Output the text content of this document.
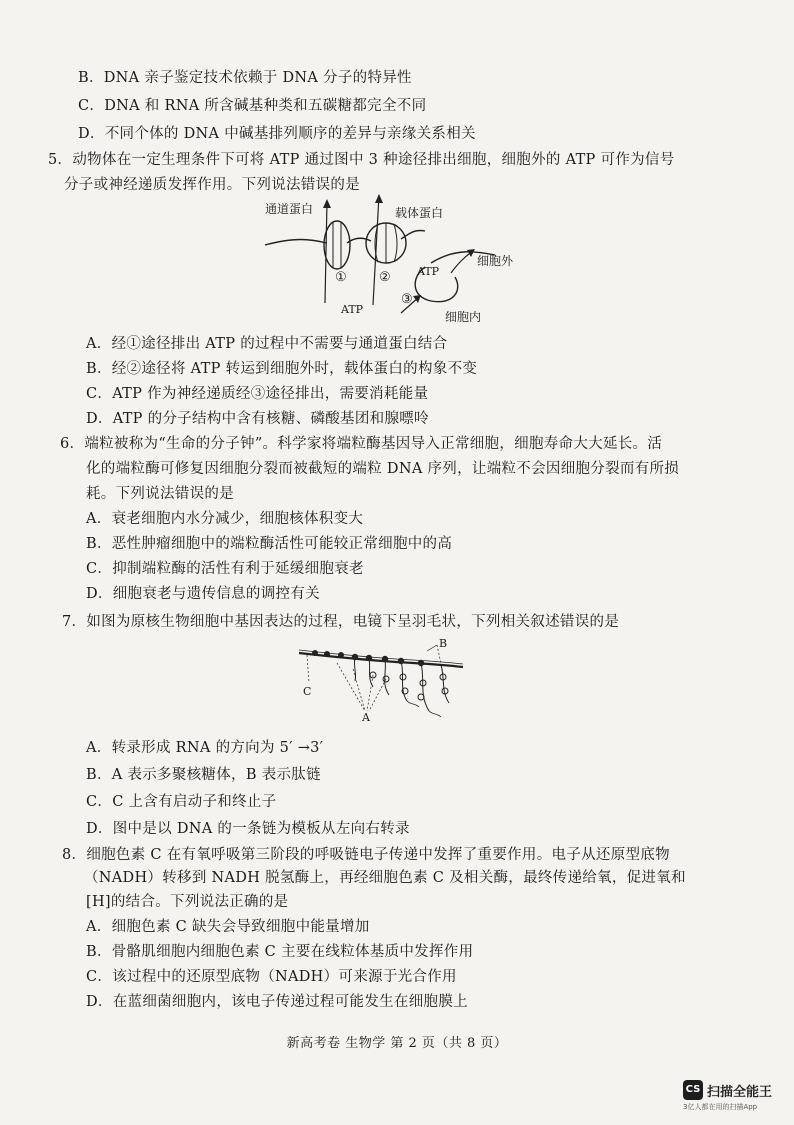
B．DNA 亲子鉴定技术依赖于 DNA 分子的特异性
C．DNA 和 RNA 所含碱基种类和五碳糖都完全不同
D．不同个体的 DNA 中碱基排列顺序的差异与亲缘关系相关
5．动物体在一定生理条件下可将 ATP 通过图中 3 种途径排出细胞，细胞外的 ATP 可作为信号
分子或神经递质发挥作用。下列说法错误的是
通道蛋白	载体蛋白
细胞外
细胞内
ATP
ATP
① ②
③
A．经①途径排出 ATP 的过程中不需要与通道蛋白结合
B．经②途径将 ATP 转运到细胞外时，载体蛋白的构象不变
C．ATP 作为神经递质经③途径排出，需要消耗能量
D．ATP 的分子结构中含有核糖、磷酸基团和腺嘌呤
6．端粒被称为“生命的分子钟”。科学家将端粒酶基因导入正常细胞，细胞寿命大大延长。活
化的端粒酶可修复因细胞分裂而被截短的端粒 DNA 序列，让端粒不会因细胞分裂而有所损
耗。下列说法错误的是
A．衰老细胞内水分减少，细胞核体积变大
B．恶性肿瘤细胞中的端粒酶活性可能较正常细胞中的高
C．抑制端粒酶的活性有利于延缓细胞衰老
D．细胞衰老与遗传信息的调控有关
7．如图为原核生物细胞中基因表达的过程，电镜下呈羽毛状，下列相关叙述错误的是
C
A
B
A．转录形成 RNA 的方向为 5′ →3′
B．A 表示多聚核糖体，B 表示肽链
C．C 上含有启动子和终止子
D．图中是以 DNA 的一条链为模板从左向右转录
8．细胞色素 C 在有氧呼吸第三阶段的呼吸链电子传递中发挥了重要作用。电子从还原型底物
（NADH）转移到 NADH 脱氢酶上，再经细胞色素 C 及相关酶，最终传递给氧，促进氧和
[H]的结合。下列说法正确的是
A．细胞色素 C 缺失会导致细胞中能量增加
B．骨骼肌细胞内细胞色素 C 主要在线粒体基质中发挥作用
C．该过程中的还原型底物（NADH）可来源于光合作用
D．在蓝细菌细胞内，该电子传递过程可能发生在细胞膜上
新高考卷 生物学 第 2 页（共 8 页）
CS 扫描全能王
3亿人都在用的扫描App
